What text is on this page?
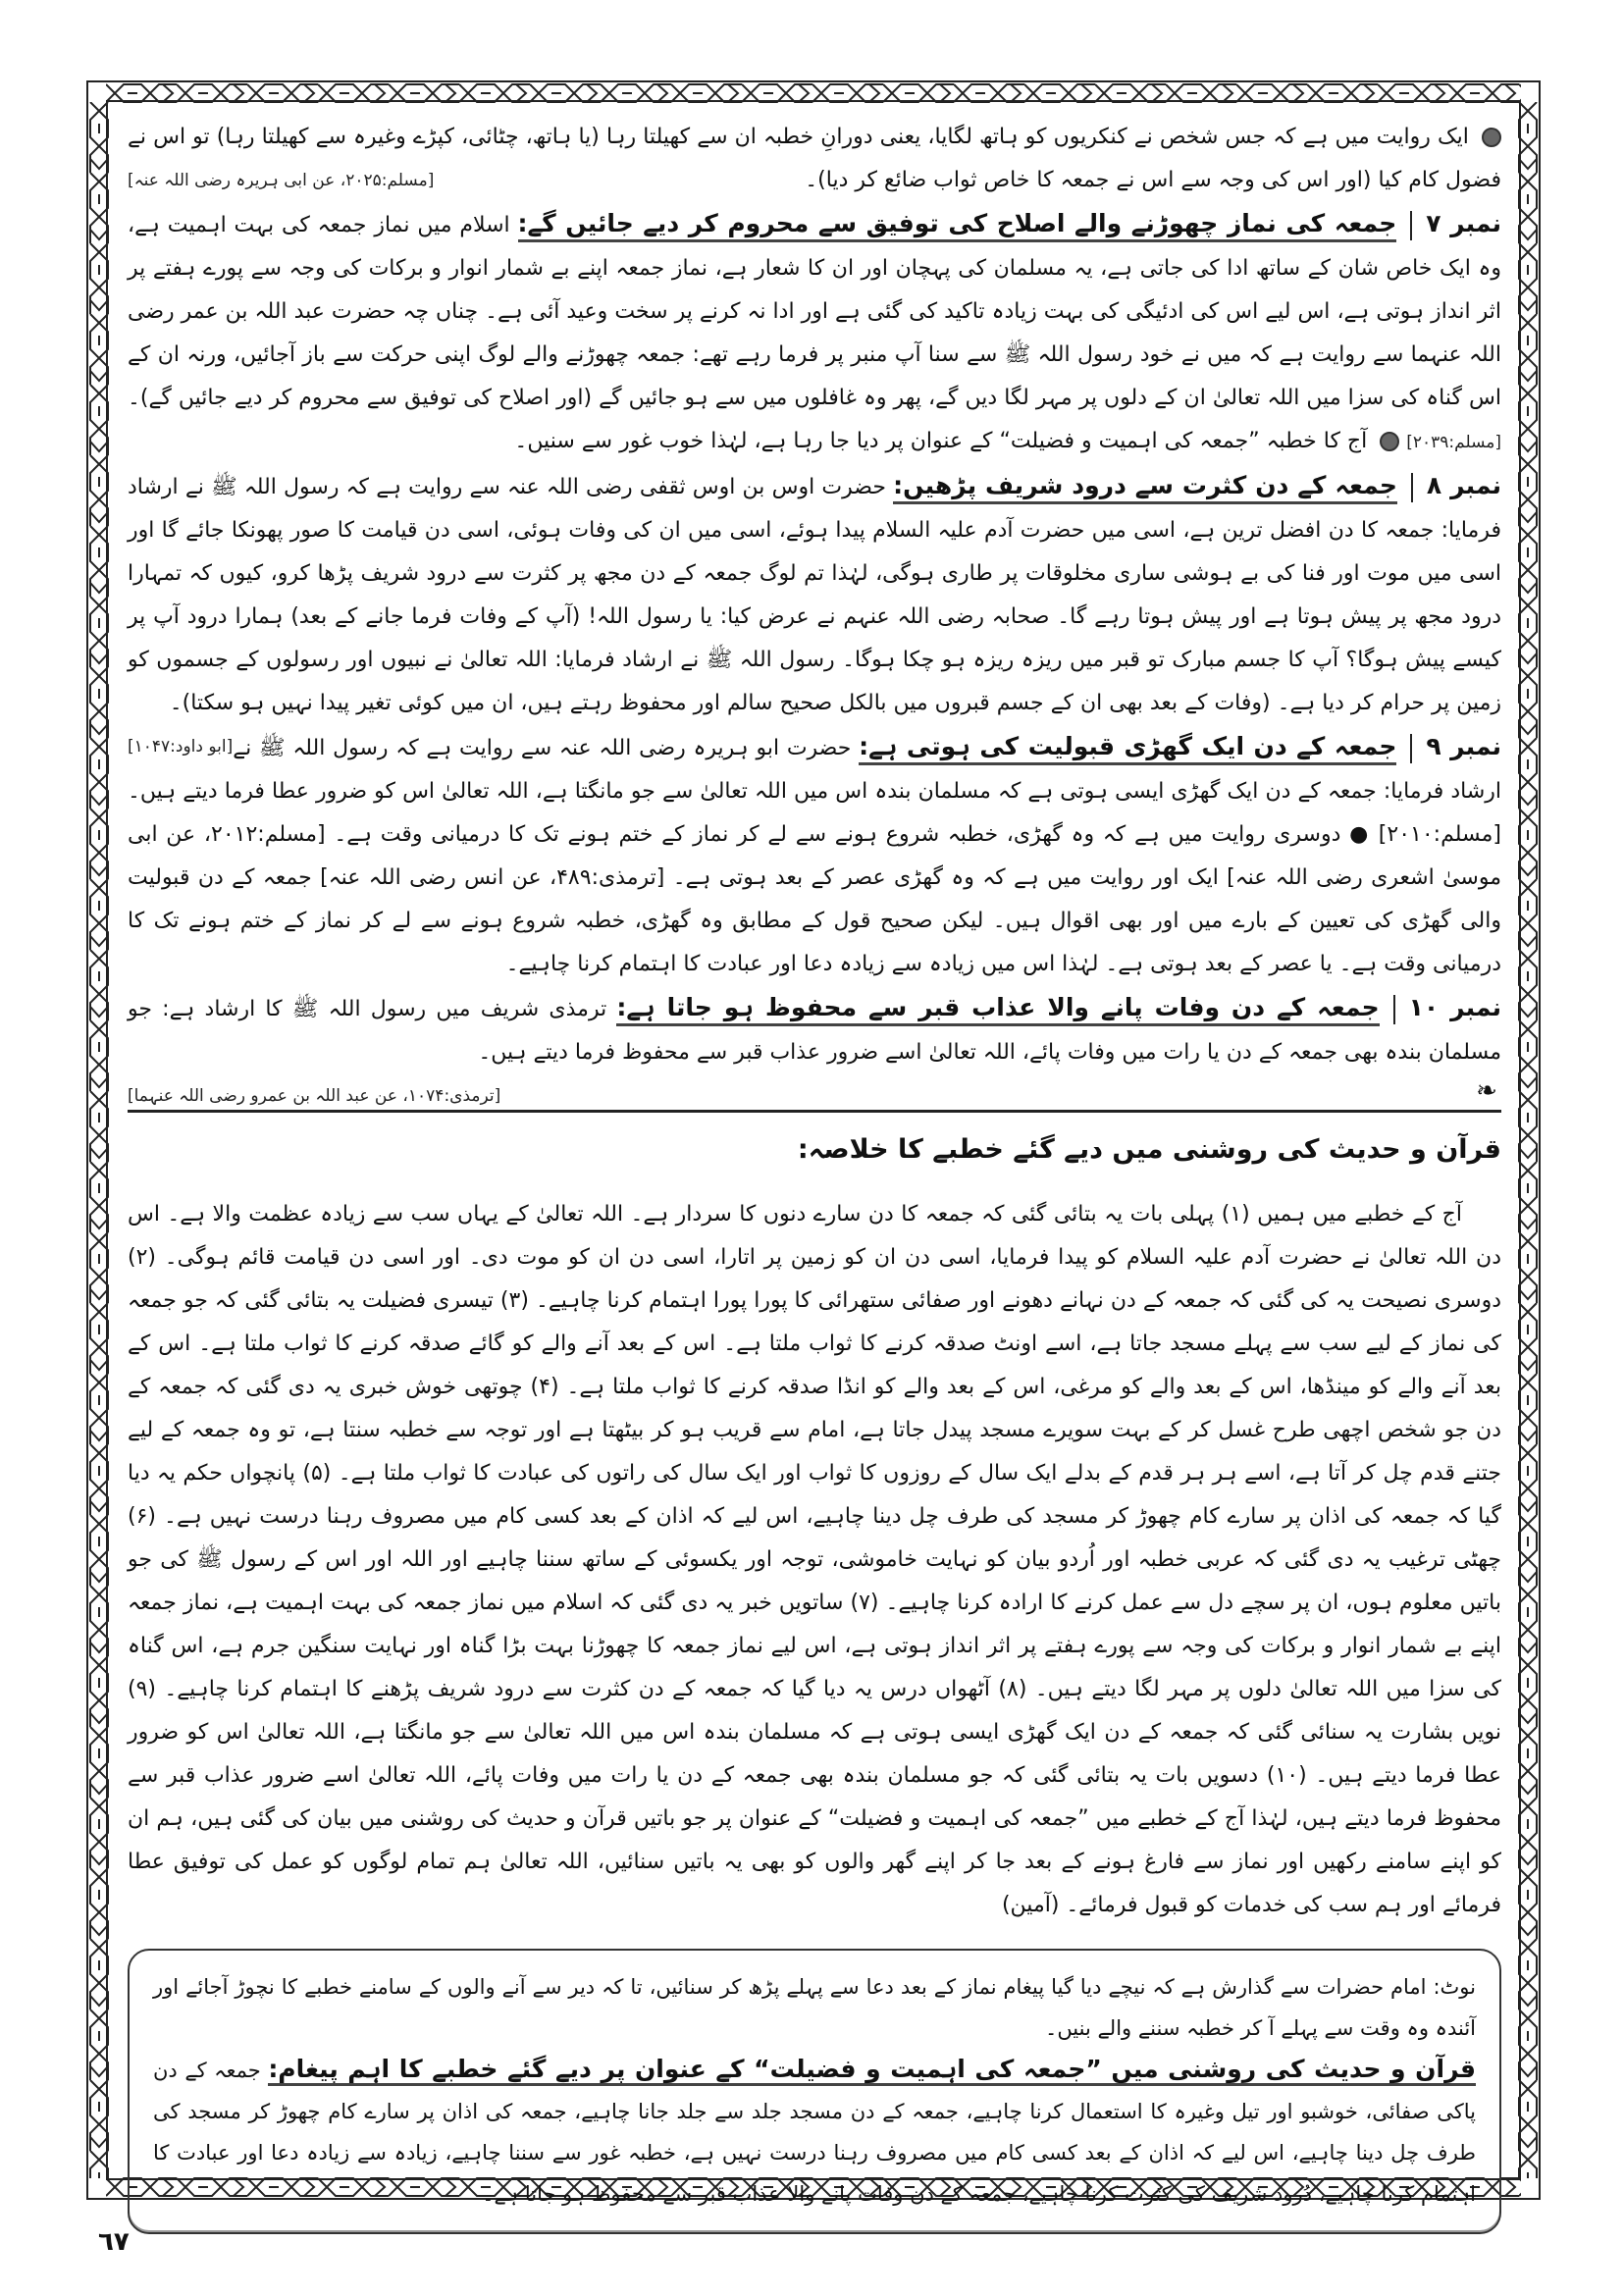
ایک روایت میں ہے کہ جس شخص نے کنکریوں کو ہاتھ لگایا، یعنی دورانِ خطبہ ان سے کھیلتا رہا (یا ہاتھ، چٹائی، کپڑے وغیرہ سے کھیلتا رہا) تو اس نے فضول کام کیا (اور اس کی وجہ سے اس نے جمعہ کا خاص ثواب ضائع کر دیا)۔
[مسلم:۲۰۲۵، عن ابی ہریرہ رضی اللہ عنہ]

نمبر ۷جمعہ کی نماز چھوڑنے والے اصلاح کی توفیق سے محروم کر دیے جائیں گے: اسلام میں نماز جمعہ کی بہت اہمیت ہے، وہ ایک خاص شان کے ساتھ ادا کی جاتی ہے، یہ مسلمان کی پہچان اور ان کا شعار ہے، نماز جمعہ اپنے بے شمار انوار و برکات کی وجہ سے پورے ہفتے پر اثر انداز ہوتی ہے، اس لیے اس کی ادئیگی کی بہت زیادہ تاکید کی گئی ہے اور ادا نہ کرنے پر سخت وعید آئی ہے۔ چناں چہ حضرت عبد اللہ بن عمر رضی اللہ عنہما سے روایت ہے کہ میں نے خود رسول اللہ ﷺ سے سنا آپ منبر پر فرما رہے تھے: جمعہ چھوڑنے والے لوگ اپنی حرکت سے باز آجائیں، ورنہ ان کے اس گناہ کی سزا میں اللہ تعالیٰ ان کے دلوں پر مہر لگا دیں گے، پھر وہ غافلوں میں سے ہو جائیں گے (اور اصلاح کی توفیق سے محروم کر دیے جائیں گے)۔ [مسلم:۲۰۳۹]  آج کا خطبہ ”جمعہ کی اہمیت و فضیلت“ کے عنوان پر دیا جا رہا ہے، لہٰذا خوب غور سے سنیں۔

نمبر ۸جمعہ کے دن کثرت سے درود شریف پڑھیں: حضرت اوس بن اوس ثقفی رضی اللہ عنہ سے روایت ہے کہ رسول اللہ ﷺ نے ارشاد فرمایا: جمعہ کا دن افضل ترین ہے، اسی میں حضرت آدم علیہ السلام پیدا ہوئے، اسی میں ان کی وفات ہوئی، اسی دن قیامت کا صور پھونکا جائے گا اور اسی میں موت اور فنا کی بے ہوشی ساری مخلوقات پر طاری ہوگی، لہٰذا تم لوگ جمعہ کے دن مجھ پر کثرت سے درود شریف پڑھا کرو، کیوں کہ تمہارا درود مجھ پر پیش ہوتا ہے اور پیش ہوتا رہے گا۔ صحابہ رضی اللہ عنہم نے عرض کیا: یا رسول اللہ! (آپ کے وفات فرما جانے کے بعد) ہمارا درود آپ پر کیسے پیش ہوگا؟ آپ کا جسم مبارک تو قبر میں ریزہ ریزہ ہو چکا ہوگا۔ رسول اللہ ﷺ نے ارشاد فرمایا: اللہ تعالیٰ نے نبیوں اور رسولوں کے جسموں کو زمین پر حرام کر دیا ہے۔ (وفات کے بعد بھی ان کے جسم قبروں میں بالکل صحیح سالم اور محفوظ رہتے ہیں، ان میں کوئی تغیر پیدا نہیں ہو سکتا)۔
[ابو داود:۱۰۴۷]	نمبر ۹جمعہ کے دن ایک گھڑی قبولیت کی ہوتی ہے: حضرت ابو ہریرہ رضی اللہ عنہ سے روایت ہے کہ رسول اللہ ﷺ نے ارشاد فرمایا: جمعہ کے دن ایک گھڑی ایسی ہوتی ہے کہ مسلمان بندہ اس میں اللہ تعالیٰ سے جو مانگتا ہے، اللہ تعالیٰ اس کو ضرور عطا فرما دیتے ہیں۔ [مسلم:۲۰۱۰] ● دوسری روایت میں ہے کہ وہ گھڑی، خطبہ شروع ہونے سے لے کر نماز کے ختم ہونے تک کا درمیانی وقت ہے۔ [مسلم:۲۰۱۲، عن ابی موسیٰ اشعری رضی اللہ عنہ] ایک اور روایت میں ہے کہ وہ گھڑی عصر کے بعد ہوتی ہے۔ [ترمذی:۴۸۹، عن انس رضی اللہ عنہ] جمعہ کے دن قبولیت والی گھڑی کی تعیین کے بارے میں اور بھی اقوال ہیں۔ لیکن صحیح قول کے مطابق وہ گھڑی، خطبہ شروع ہونے سے لے کر نماز کے ختم ہونے تک کا درمیانی وقت ہے۔ یا عصر کے بعد ہوتی ہے۔ لہٰذا اس میں زیادہ سے زیادہ دعا اور عبادت کا اہتمام کرنا چاہیے۔

نمبر ۱۰جمعہ کے دن وفات پانے والا عذاب قبر سے محفوظ ہو جاتا ہے: ترمذی شریف میں رسول اللہ ﷺ کا ارشاد ہے: جو مسلمان بندہ بھی جمعہ کے دن یا رات میں وفات پائے، اللہ تعالیٰ اسے ضرور عذاب قبر سے محفوظ فرما دیتے ہیں۔
[ترمذی:۱۰۷۴، عن عبد اللہ بن عمرو رضی اللہ عنہما]	❧
قرآن و حدیث کی روشنی میں دیے گئے خطبے کا خلاصہ:

آج کے خطبے میں ہمیں (۱) پہلی بات یہ بتائی گئی کہ جمعہ کا دن سارے دنوں کا سردار ہے۔ اللہ تعالیٰ کے یہاں سب سے زیادہ عظمت والا ہے۔ اس دن اللہ تعالیٰ نے حضرت آدم علیہ السلام کو پیدا فرمایا، اسی دن ان کو زمین پر اتارا، اسی دن ان کو موت دی۔ اور اسی دن قیامت قائم ہوگی۔ (۲) دوسری نصیحت یہ کی گئی کہ جمعہ کے دن نہانے دھونے اور صفائی ستھرائی کا پورا پورا اہتمام کرنا چاہیے۔ (۳) تیسری فضیلت یہ بتائی گئی کہ جو جمعہ کی نماز کے لیے سب سے پہلے مسجد جاتا ہے، اسے اونٹ صدقہ کرنے کا ثواب ملتا ہے۔ اس کے بعد آنے والے کو گائے صدقہ کرنے کا ثواب ملتا ہے۔ اس کے بعد آنے والے کو مینڈھا، اس کے بعد والے کو مرغی، اس کے بعد والے کو انڈا صدقہ کرنے کا ثواب ملتا ہے۔ (۴) چوتھی خوش خبری یہ دی گئی کہ جمعہ کے دن جو شخص اچھی طرح غسل کر کے بہت سویرے مسجد پیدل جاتا ہے، امام سے قریب ہو کر بیٹھتا ہے اور توجہ سے خطبہ سنتا ہے، تو وہ جمعہ کے لیے جتنے قدم چل کر آتا ہے، اسے ہر ہر قدم کے بدلے ایک سال کے روزوں کا ثواب اور ایک سال کی راتوں کی عبادت کا ثواب ملتا ہے۔ (۵) پانچواں حکم یہ دیا گیا کہ جمعہ کی اذان پر سارے کام چھوڑ کر مسجد کی طرف چل دینا چاہیے، اس لیے کہ اذان کے بعد کسی کام میں مصروف رہنا درست نہیں ہے۔ (۶) چھٹی ترغیب یہ دی گئی کہ عربی خطبہ اور اُردو بیان کو نہایت خاموشی، توجہ اور یکسوئی کے ساتھ سننا چاہیے اور اللہ اور اس کے رسول ﷺ کی جو باتیں معلوم ہوں، ان پر سچے دل سے عمل کرنے کا ارادہ کرنا چاہیے۔ (۷) ساتویں خبر یہ دی گئی کہ اسلام میں نماز جمعہ کی بہت اہمیت ہے، نماز جمعہ اپنے بے شمار انوار و برکات کی وجہ سے پورے ہفتے پر اثر انداز ہوتی ہے، اس لیے نماز جمعہ کا چھوڑنا بہت بڑا گناہ اور نہایت سنگین جرم ہے، اس گناہ کی سزا میں اللہ تعالیٰ دلوں پر مہر لگا دیتے ہیں۔ (۸) آٹھواں درس یہ دیا گیا کہ جمعہ کے دن کثرت سے درود شریف پڑھنے کا اہتمام کرنا چاہیے۔ (۹) نویں بشارت یہ سنائی گئی کہ جمعہ کے دن ایک گھڑی ایسی ہوتی ہے کہ مسلمان بندہ اس میں اللہ تعالیٰ سے جو مانگتا ہے، اللہ تعالیٰ اس کو ضرور عطا فرما دیتے ہیں۔ (۱۰) دسویں بات یہ بتائی گئی کہ جو مسلمان بندہ بھی جمعہ کے دن یا رات میں وفات پائے، اللہ تعالیٰ اسے ضرور عذاب قبر سے محفوظ فرما دیتے ہیں، لہٰذا آج کے خطبے میں ”جمعہ کی اہمیت و فضیلت“ کے عنوان پر جو باتیں قرآن و حدیث کی روشنی میں بیان کی گئی ہیں، ہم ان کو اپنے سامنے رکھیں اور نماز سے فارغ ہونے کے بعد جا کر اپنے گھر والوں کو بھی یہ باتیں سنائیں، اللہ تعالیٰ ہم تمام لوگوں کو عمل کی توفیق عطا فرمائے اور ہم سب کی خدمات کو قبول فرمائے۔ (آمین)

نوٹ: امام حضرات سے گذارش ہے کہ نیچے دیا گیا پیغام نماز کے بعد دعا سے پہلے پڑھ کر سنائیں، تا کہ دیر سے آنے والوں کے سامنے خطبے کا نچوڑ آجائے اور آئندہ وہ وقت سے پہلے آ کر خطبہ سننے والے بنیں۔

قرآن و حدیث کی روشنی میں ”جمعہ کی اہمیت و فضیلت“ کے عنوان پر دیے گئے خطبے کا اہم پیغام: جمعہ کے دن پاکی صفائی، خوشبو اور تیل وغیرہ کا استعمال کرنا چاہیے، جمعہ کے دن مسجد جلد سے جلد جانا چاہیے، جمعہ کی اذان پر سارے کام چھوڑ کر مسجد کی طرف چل دینا چاہیے، اس لیے کہ اذان کے بعد کسی کام میں مصروف رہنا درست نہیں ہے، خطبہ غور سے سننا چاہیے، زیادہ سے زیادہ دعا اور عبادت کا اہتمام کرنا چاہیے، دُرود شریف کی کثرت کرنا چاہیے، جمعہ کے دن وفات پانے والا عذاب قبر سے محفوظ ہو جاتا ہے۔

٦٧
